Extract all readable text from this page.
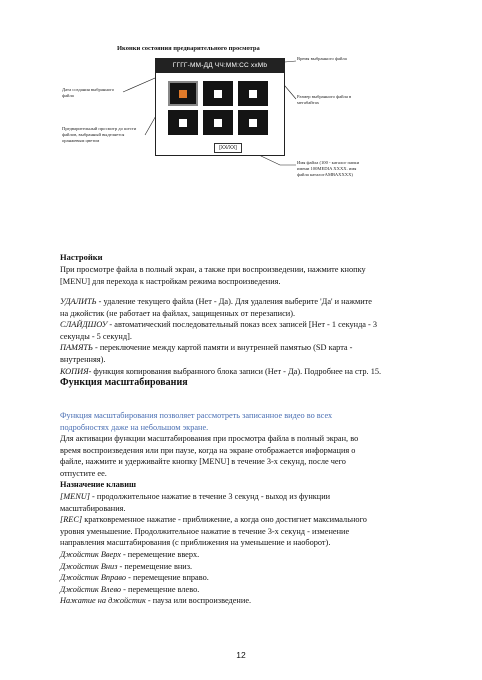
Иконки состояния предварительного просмотра
Дата создания выбранного файла
Предварительный просмотр до шести файлов, выбранный выделяется оранжевым цветом
Время выбранного файла
Размер выбранного файла в мегабайтах
Имя файла (100 - каталог папки имени 100MEDIA XXXX. имя файла каталогАМВАXXXX)
ГГГГ-ММ-ДД ЧЧ:ММ:СС xxMb
[XX/XX]
Настройки

При просмотре файла в полный экран, а также при воспроизведении, нажмите кнопку

[MENU] для перехода к настройкам режима воспроизведения.

УДАЛИТЬ - удаление текущего файла (Нет - Да). Для удаления выберите 'Да' и нажмите

на джойстик (не работает на файлах, защищенных от перезаписи).

СЛАЙДШОУ - автоматический последовательный показ всех записей [Нет - 1 секунда - 3

секунды - 5 секунд].

ПАМЯТЬ - переключение между картой памяти и внутренней памятью (SD карта -

внутренняя).

КОПИЯ- функция копирования выбранного блока записи (Нет - Да). Подробнее на стр. 15.

Функция масштабирования

Функция масштабирования позволяет рассмотреть записанное видео во всех

подробностях даже на небольшом экране.

Для активации функции масштабирования при просмотра файла в полный экран, во

время воспроизведения или при паузе, когда на экране отображается информация о

файле, нажмите и удерживайте кнопку [MENU] в течение 3-х секунд, после чего

отпустите ее.

Назначение клавиш

[MENU] - продолжительное нажатие в течение 3 секунд - выход из функции

масштабирования.

[REC] кратковременное нажатие - приближение, а когда оно достигнет максимального

уровня уменьшение. Продолжительное нажатие в течение 3-х секунд - изменение

направления масштабирования (с приближения на уменьшение и наоборот).

Джойстик Вверх - перемещение вверх.

Джойстик Вниз - перемещение вниз.

Джойстик Вправо - перемещение вправо.

Джойстик Влево - перемещение влево.

Нажатие на джойстик - пауза или воспроизведение.

12
